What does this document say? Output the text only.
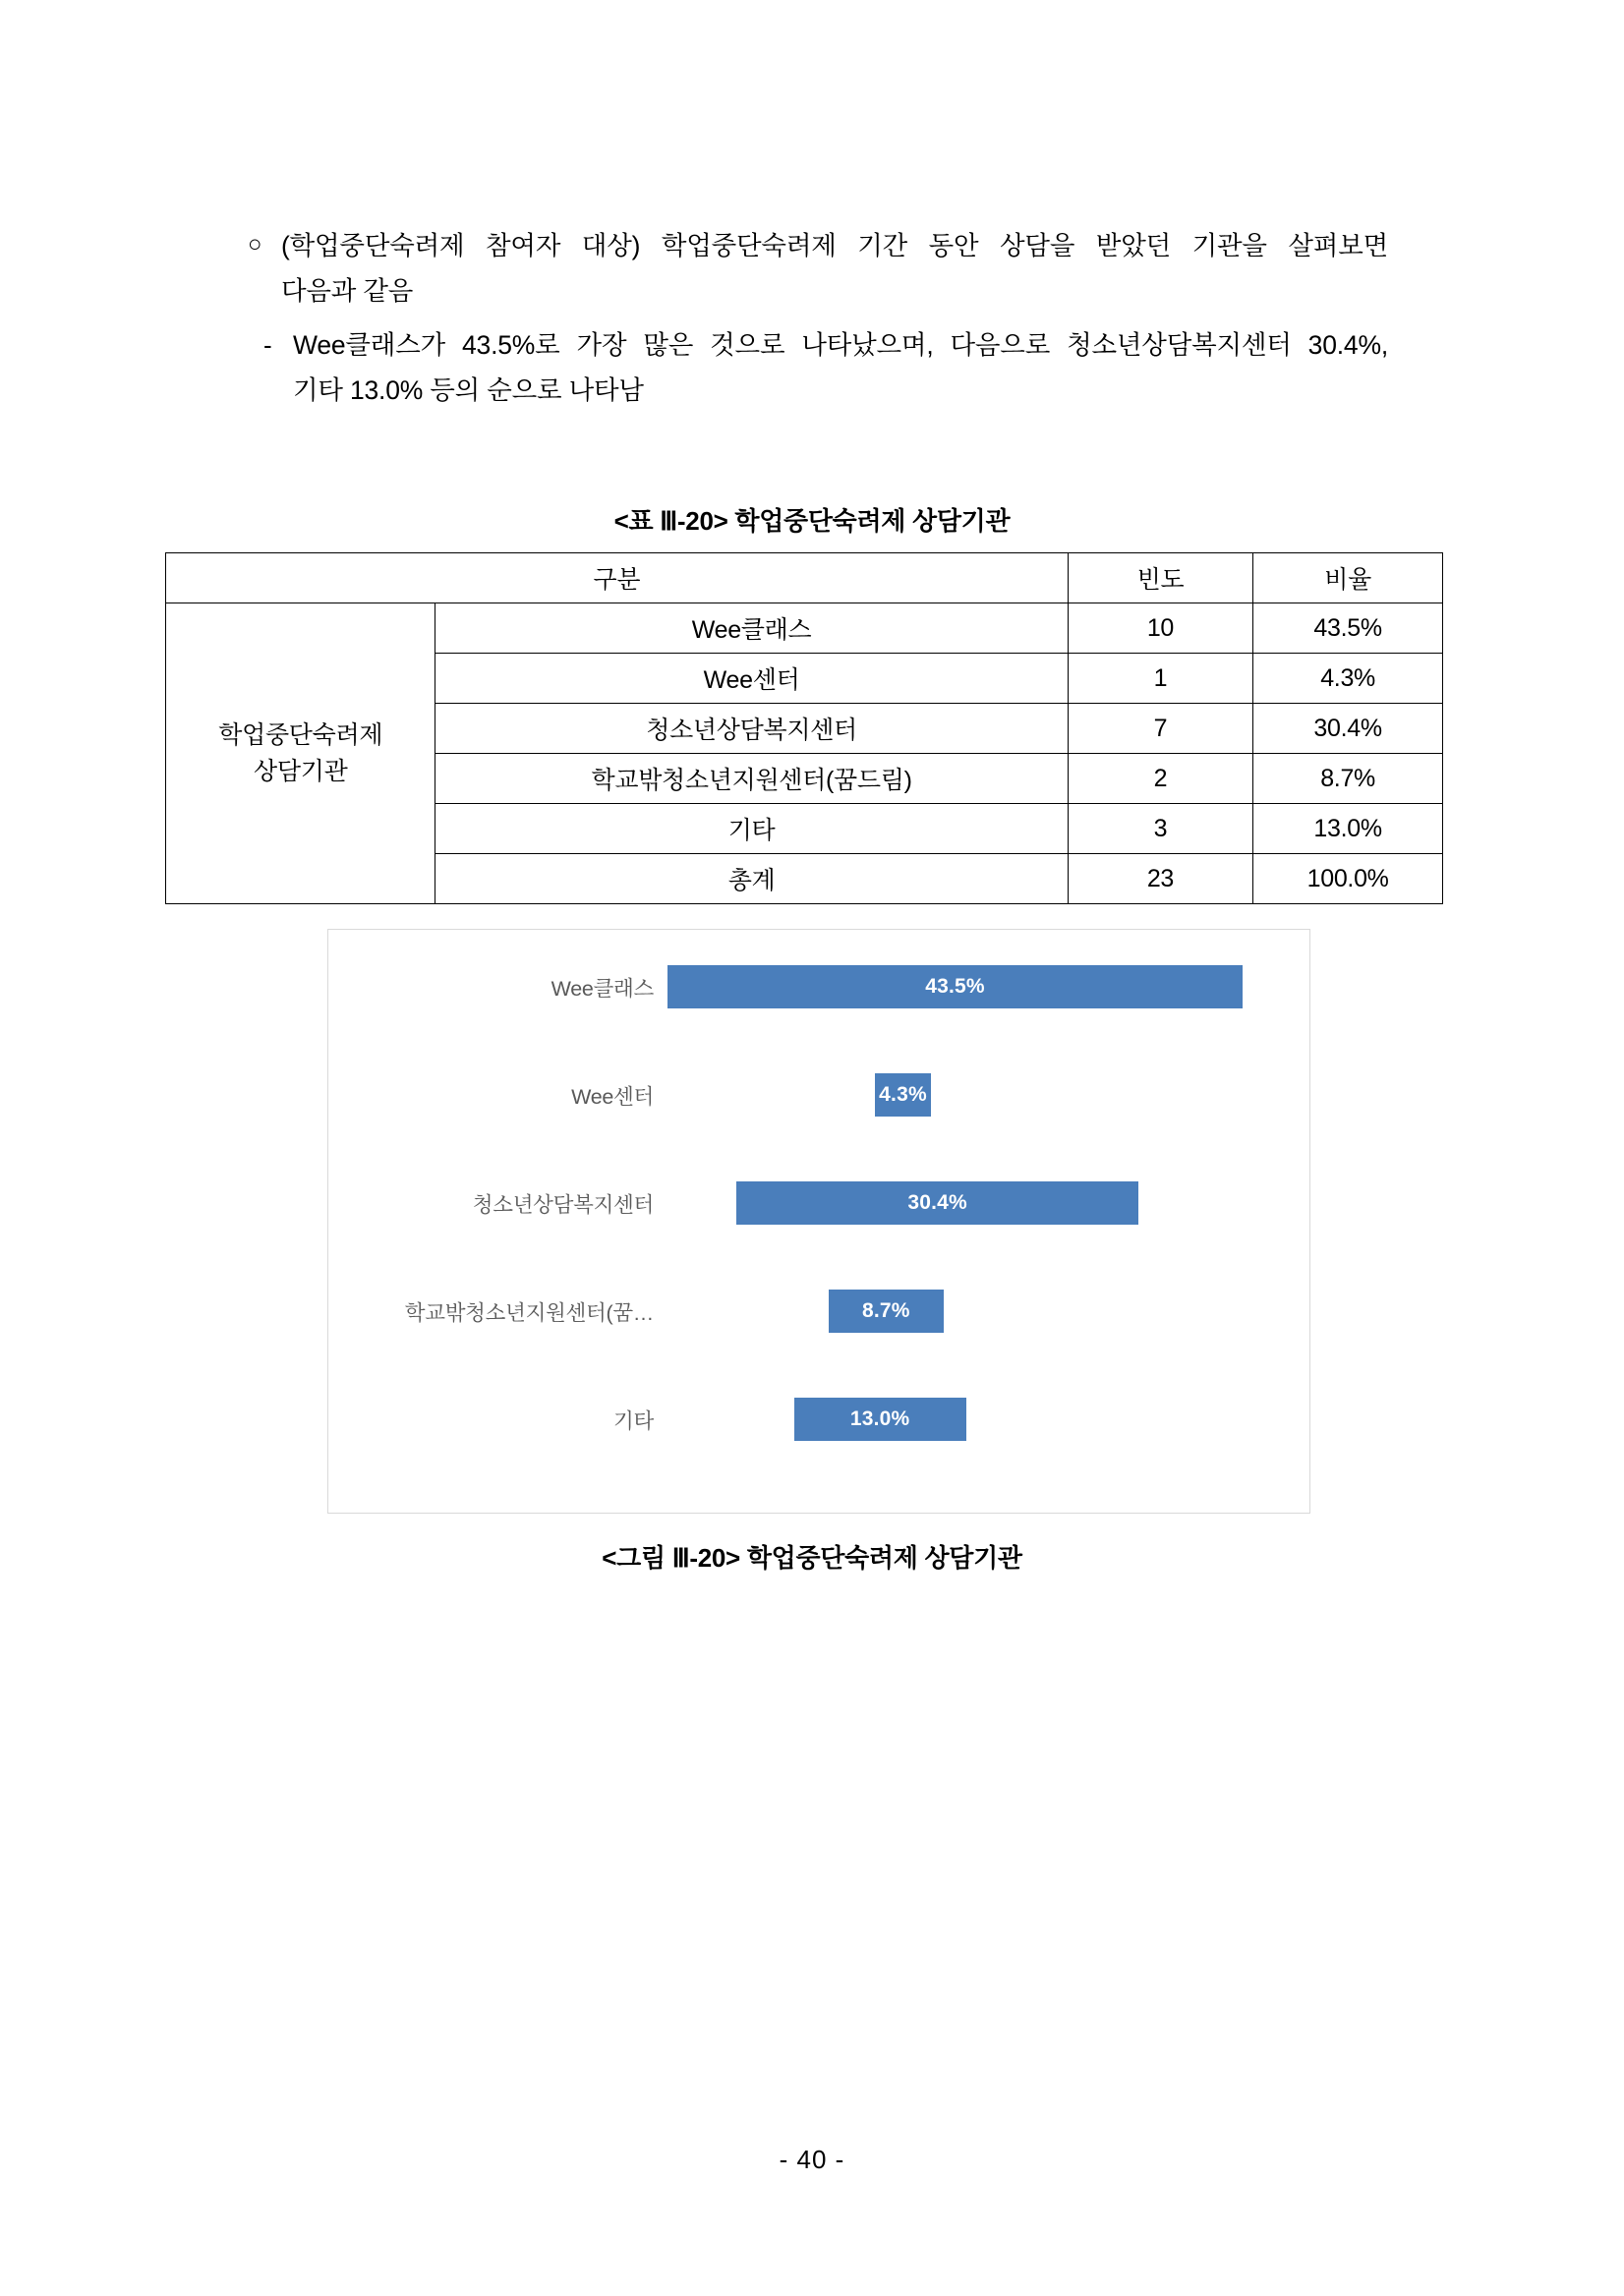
○ (학업중단숙려제 참여자 대상) 학업중단숙려제 기간 동안 상담을 받았던 기관을 살펴보면
다음과 같음
- Wee클래스가 43.5%로 가장 많은 것으로 나타났으며, 다음으로 청소년상담복지센터 30.4%,
기타 13.0% 등의 순으로 나타남
<표 Ⅲ-20> 학업중단숙려제 상담기관
구분		빈도	비율
학업중단숙려제
상담기관	Wee클래스	10	43.5%
	Wee센터	1	4.3%
	청소년상담복지센터	7	30.4%
	학교밖청소년지원센터(꿈드림)	2	8.7%
	기타	3	13.0%
	총계	23	100.0%
Wee클래스	43.5%
Wee센터	4.3%
청소년상담복지센터	30.4%
학교밖청소년지원센터(꿈…	8.7%
기타	13.0%
<그림 Ⅲ-20> 학업중단숙려제 상담기관
- 40 -
